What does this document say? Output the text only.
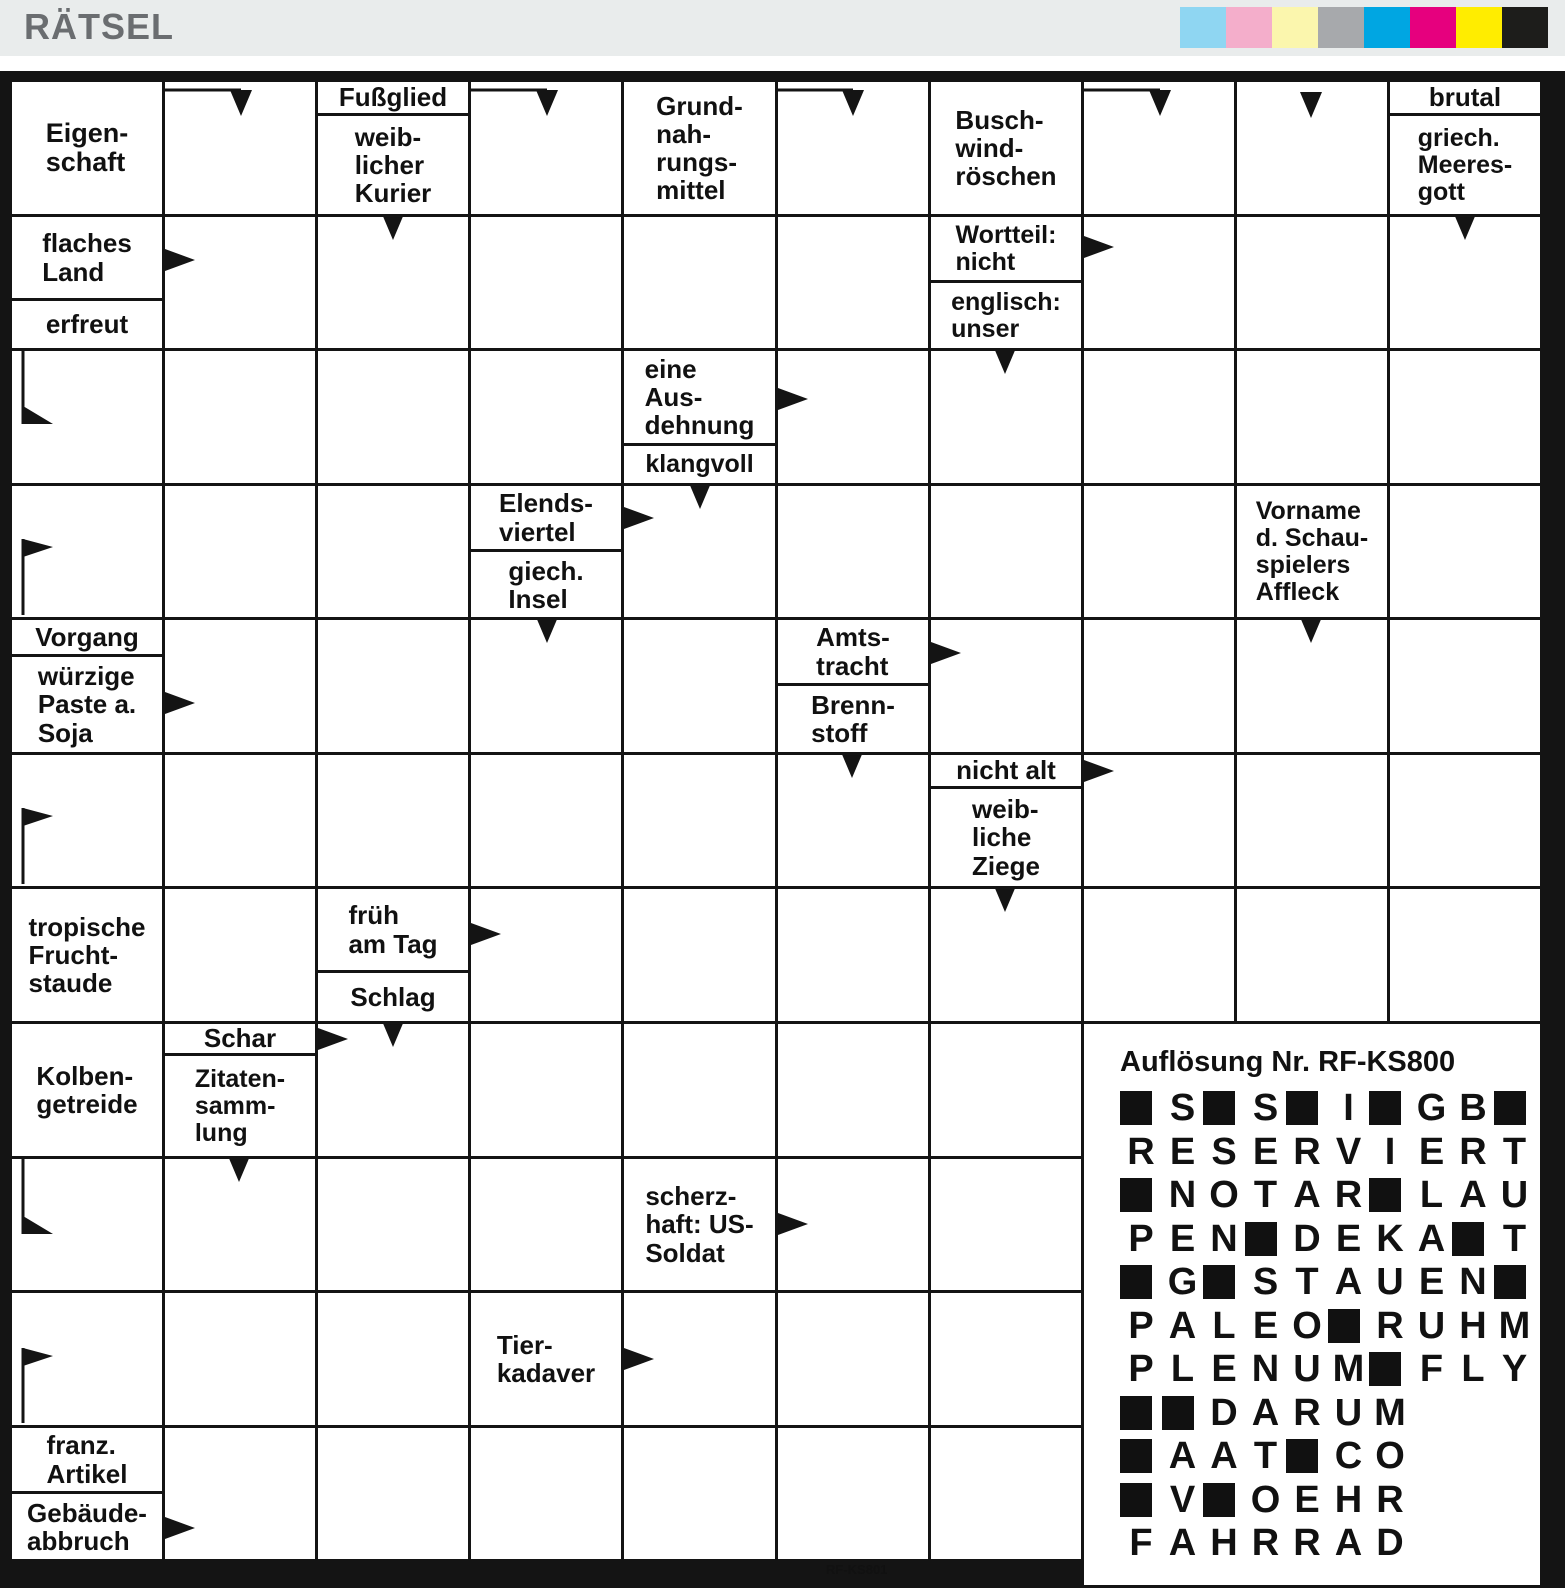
RÄTSEL
Eigen-
schaft
Fußglied
weib-
licher
Kurier
Grund-
nah-
rungs-
mittel
Busch-
wind-
röschen
brutal
griech.
Meeres-
gott
flaches
Land
erfreut
Wortteil:
nicht
englisch:
unser
eine
Aus-
dehnung
klangvoll
Elends-
viertel
giech.
Insel
Vorname
d. Schau-
spielers
Affleck
Vorgang
würzige
Paste a.
Soja
Amts-
tracht
Brenn-
stoff
nicht alt
weib-
liche
Ziege
tropische
Frucht-
staude
früh
am Tag
Schlag
Kolben-
getreide
Schar
Zitaten-
samm-
lung
scherz-
haft: US-
Soldat
Tier-
kadaver
franz.
Artikel
Gebäude-
abbruch
Auflösung Nr. RF-KS800
S S	I	G B
R E S E R V I E R T
N O T A R L A U
P E N D E K A T
G S T A U E N
P A L E O R U H M
P L E N U M F L Y
D A R U M
A A T C O
V O E H R
F A H R R A D
RF-KS801
